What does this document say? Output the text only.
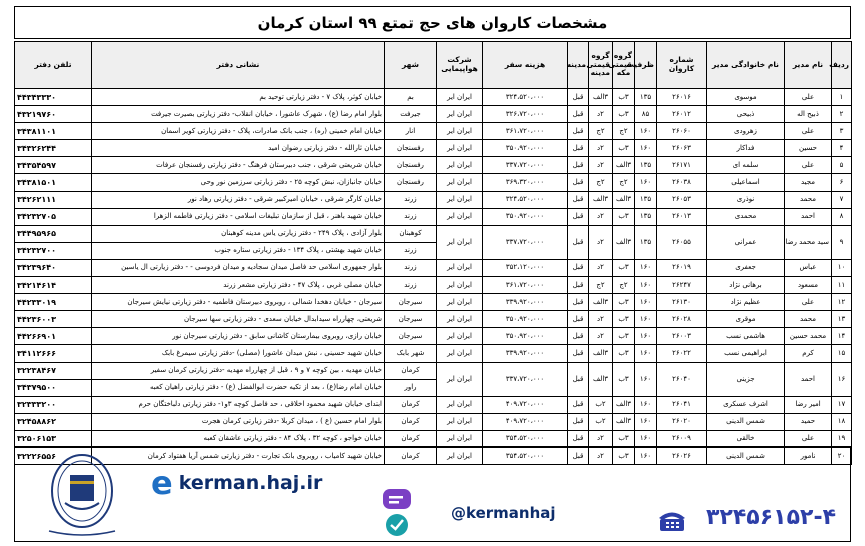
مشخصات کاروان های حج تمتع ۹۹ استان کرمان
ردیف	نام مدیر	نام خانوادگی مدیر	شماره کاروان	ظرفیت	گروه قیمتی مکه	گروه قیمتی مدینه	مدینه	هزینه سفر	شرکت هواپیمایی	شهر	نشانی دفتر	تلفن دفتر
۱	علی	موسوی	۲۶۰۱۶	۱۳۵	۳ب	۳الف	قبل	۳۲۴،۵۲۰،۰۰۰	ایران ایر	بم	خیابان کوثر، پلاک ۷ - دفتر زیارتی توحید بم	۴۴۳۴۳۳۳۰
۲	ذبیح اله	ذبیحی	۲۶۰۱۲	۸۵	۳ب	۲د	قبل	۳۲۶،۷۲۰،۰۰۰	ایران ایر	جیرفت	بلوار امام رضا (ع) ، شهرک عاشورا ، خیابان انقلاب- دفتر زیارتی بصیرت جیرفت	۴۳۲۱۹۷۶۰
۳	علی	زهرودی	۲۶۰۶۰	۱۶۰	۲ج	۲ج	قبل	۳۶۱،۷۲۰،۰۰۰	ایران ایر	انار	خیابان امام خمینی (ره) ، جنب بانک صادرات، پلاک - دفتر زیارتی کویر اسمان	۳۴۳۸۱۱۰۱
۴	حسین	فداکار	۲۶۰۶۳	۱۶۰	۳ب	۲د	قبل	۳۵۰،۹۲۰،۰۰۰	ایران ایر	رفسنجان	خیابان ثارالله - دفتر زیارتی رضوان امید	۳۴۳۲۶۲۴۴
۵	علی	سلمه ای	۲۶۱۷۱	۱۳۵	۳الف	۲د	قبل	۳۳۷،۷۲۰،۰۰۰	ایران ایر	رفسنجان	خیابان شریعتی شرقی ، جنب دبیرستان فرهنگ - دفتر زیارتی رفسنجان عرفات	۳۴۳۵۴۵۹۷
۶	مجید	اسماعیلی	۲۶۰۳۸	۱۶۰	۲ج	۲ج	قبل	۳۶۹،۳۲۰،۰۰۰	ایران ایر	رفسنجان	خیابان جانبازان، نبش کوچه ۲۵ - دفتر زیارتی سرزمین نور وحی	۳۴۳۸۱۵۰۱
۷	محمد	نوذری	۲۶۰۵۳	۱۳۵	۳الف	۳الف	قبل	۳۲۴،۵۲۰،۰۰۰	ایران ایر	زرند	خیابان کارگر شرقی ، خیابان امیرکبیر شرقی - دفتر زیارتی رهاد نور	۳۴۲۶۲۱۱۱
۸	احمد	محمدی	۲۶۰۱۳	۱۳۵	۳ب	۲د	قبل	۳۵۰،۹۲۰،۰۰۰	ایران ایر	زرند	خیابان شهید باهنر ، قبل از سازمان تبلیغات اسلامی - دفتر زیارتی فاطمه الزهرا	۳۴۲۳۲۷۰۵
۹	سید محمد رضا	عمرانی	۲۶۰۵۵	۱۳۵	۳الف	۲د	قبل	۳۳۷،۷۲۰،۰۰۰	ایران ایر	کوهبنان	بلوار آزادی ، پلاک ۲۴۹ - دفتر زیارتی یاس مدینه کوهبنان	۳۴۴۹۵۹۶۵
										زرند	خیابان شهید بهشتی ، پلاک ۱۳۴ - دفتر زیارتی ستاره جنوب	۳۴۲۳۲۷۰۰
۱۰	عباس	جعفری	۲۶۰۱۹	۱۶۰	۳ب	۲د	قبل	۳۵۲،۱۲۰،۰۰۰	ایران ایر	زرند	بلوار جمهوری اسلامی حد فاصل میدان سجادیه و میدان فردوسی - - دفتر زیارتی ال یاسین	۳۴۲۳۹۶۴۰
۱۱	مسعود	برهانی نژاد	۲۶۲۴۷	۱۶۰	۲ج	۲ج	قبل	۳۶۱،۷۲۰،۰۰۰	ایران ایر	زرند	خیابان مصلی غربی ، پلاک ۴۷ - دفتر زیارتی مشعر زرند	۳۴۲۱۴۶۱۴
۱۲	علی	عظیم نژاد	۲۶۱۳۰	۱۶۰	۳ب	۳الف	قبل	۳۳۹،۹۲۰،۰۰۰	ایران ایر	سیرجان	سیرجان - خیابان دهخدا شمالی ، روبروی دبیرستان فاطمیه - دفتر زیارتی نیایش سیرجان	۴۴۲۳۳۰۱۹
۱۳	محمد	موقری	۲۶۰۲۸	۱۶۰	۳ب	۲د	قبل	۳۵۰،۹۲۰،۰۰۰	ایران ایر	سیرجان	شریعتی، چهارراه سیدابدال خیابان سعدی - دفتر زیارتی سها سیرجان	۴۴۲۳۶۰۰۳
۱۴	محمد حسین	هاشمی نسب	۲۶۰۰۳	۱۶۰	۳ب	۲د	قبل	۳۵۰،۹۲۰،۰۰۰	ایران ایر	سیرجان	خیابان رازی، روبروی بیمارستان کاشانی سابق - دفتر زیارتی سیرجان نور	۴۴۲۶۶۹۰۱
۱۵	کرم	ابراهیمی نسب	۲۶۰۲۲	۱۶۰	۳ب	۳الف	قبل	۳۳۹،۹۲۰،۰۰۰	ایران ایر	شهر بابک	خیابان شهید حسینی ، نبش میدان عاشورا (مصلی) -دفتر زیارتی سیمرغ بابک	۳۴۱۱۲۶۶۶
۱۶	احمد	جزینی	۲۶۰۴۰	۱۶۰	۳ب	۳الف	قبل	۳۳۷،۷۲۰،۰۰۰	ایران ایر	کرمان	خیابان مهدیه ، بین کوچه ۷ و ۹ ، قبل از چهارراه مهدیه -دفتر زیارتی کرمان سفیر	۳۲۲۳۸۴۶۷
										راور	خیابان امام رضا(ع) ، بعد از تکیه حضرت ابوالفضل (ع) - دفتر زیارتی راهیان کعبه	۳۴۳۷۹۵۰۰
۱۷	امیر رضا	اشرف عسکری	۲۶۰۴۱	۱۶۰	۳الف	۲ب	قبل	۴۰۹،۷۲۰،۰۰۰	ایران ایر	کرمان	ابتدای خیابان شهید محمود اخلاقی ، حد فاصل کوچه ۳و۱- دفتر زیارتی دلباختگان حرم	۳۲۳۳۳۲۰۰
۱۸	حمید	شمس الدینی	۲۶۰۲۰	۱۶۰	۳الف	۲ب	قبل	۴۰۹،۷۲۰،۰۰۰	ایران ایر	کرمان	بلوار امام حسین (ع ) ، میدان کربلا -دفتر زیارتی کرمان هجرت	۳۲۴۵۸۸۶۲
۱۹	علی	خالقی	۲۶۰۰۹	۱۶۰	۳ب	۲د	قبل	۳۵۴،۵۲۰،۰۰۰	ایران ایر	کرمان	خیابان خواجو ، کوچه ۳۲ ، پلاک ۸۴ - دفتر زیارتی عاشقان کعبه	۳۲۵۰۶۱۵۳
۲۰	نامور	شمس الدینی	۲۶۰۲۶	۱۶۰	۳ب	۲د	قبل	۳۵۴،۵۲۰،۰۰۰	ایران ایر	کرمان	خیابان شهید کامیاب ، روبروی بانک تجارت - دفتر زیارتی شمس آریا هفتواد کرمان	۳۲۲۲۶۵۵۶
e kerman.haj.ir
@kermanhaj	۳۲۴۵۶۱۵۲-۴
